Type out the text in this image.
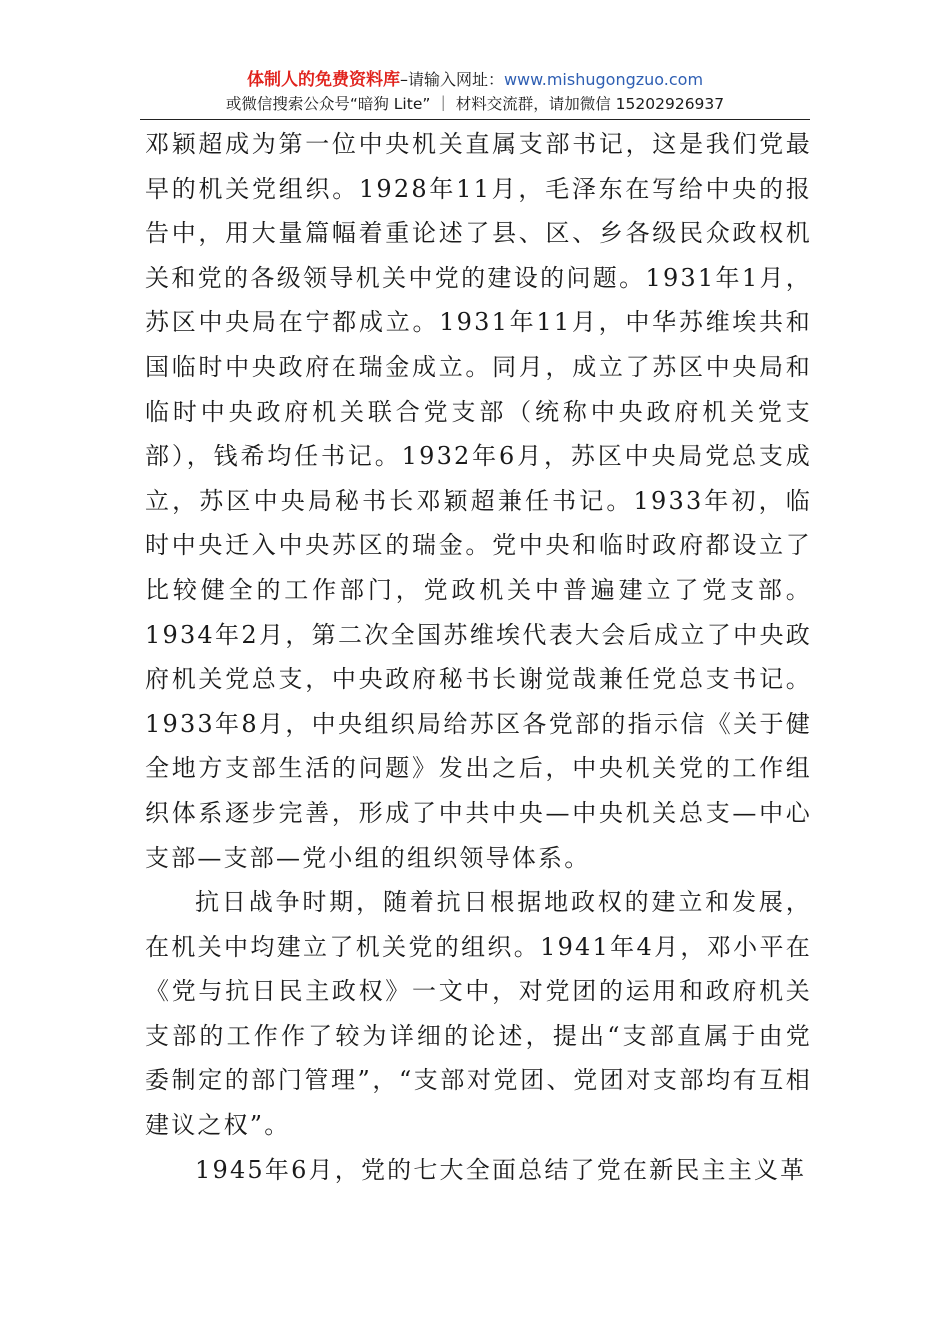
体制人的免费资料库–请输入网址：www.mishugongzuo.com
或微信搜索公众号“暗狗 Lite” ｜ 材料交流群，请加微信 15202926937

邓颖超成为第一位中央机关直属支部书记，这是我们党最早的机关党组织。1928年11月，毛泽东在写给中央的报告中，用大量篇幅着重论述了县、区、乡各级民众政权机关和党的各级领导机关中党的建设的问题。1931年1月，苏区中央局在宁都成立。1931年11月，中华苏维埃共和国临时中央政府在瑞金成立。同月，成立了苏区中央局和临时中央政府机关联合党支部（统称中央政府机关党支部），钱希均任书记。1932年6月，苏区中央局党总支成立，苏区中央局秘书长邓颖超兼任书记。1933年初，临时中央迁入中央苏区的瑞金。党中央和临时政府都设立了比较健全的工作部门，党政机关中普遍建立了党支部。1934年2月，第二次全国苏维埃代表大会后成立了中央政府机关党总支，中央政府秘书长谢觉哉兼任党总支书记。1933年8月，中央组织局给苏区各党部的指示信《关于健全地方支部生活的问题》发出之后，中央机关党的工作组织体系逐步完善，形成了中共中央—中央机关总支—中心支部—支部—党小组的组织领导体系。

抗日战争时期，随着抗日根据地政权的建立和发展，在机关中均建立了机关党的组织。1941年4月，邓小平在《党与抗日民主政权》一文中，对党团的运用和政府机关支部的工作作了较为详细的论述，提出“支部直属于由党委制定的部门管理”，“支部对党团、党团对支部均有互相建议之权”。

1945年6月，党的七大全面总结了党在新民主主义革
